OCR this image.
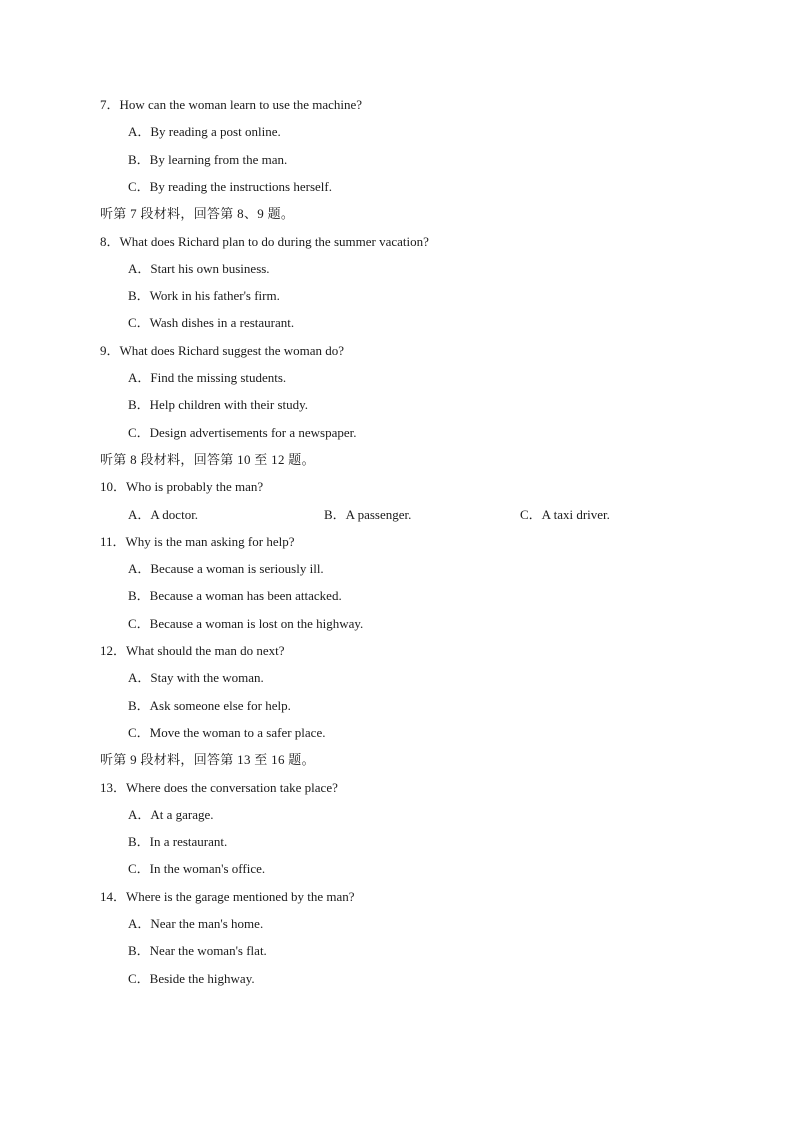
7．How can the woman learn to use the machine?
A．By reading a post online.
B．By learning from the man.
C．By reading the instructions herself.
听第 7 段材料，回答第 8、9 题。
8．What does Richard plan to do during the summer vacation?
A．Start his own business.
B．Work in his father's firm.
C．Wash dishes in a restaurant.
9．What does Richard suggest the woman do?
A．Find the missing students.
B．Help children with their study.
C．Design advertisements for a newspaper.
听第 8 段材料，回答第 10 至 12 题。
10．Who is probably the man?
A．A doctor.	B．A passenger.	C．A taxi driver.
11．Why is the man asking for help?
A．Because a woman is seriously ill.
B．Because a woman has been attacked.
C．Because a woman is lost on the highway.
12．What should the man do next?
A．Stay with the woman.
B．Ask someone else for help.
C．Move the woman to a safer place.
听第 9 段材料，回答第 13 至 16 题。
13．Where does the conversation take place?
A．At a garage.
B．In a restaurant.
C．In the woman's office.
14．Where is the garage mentioned by the man?
A．Near the man's home.
B．Near the woman's flat.
C．Beside the highway.
